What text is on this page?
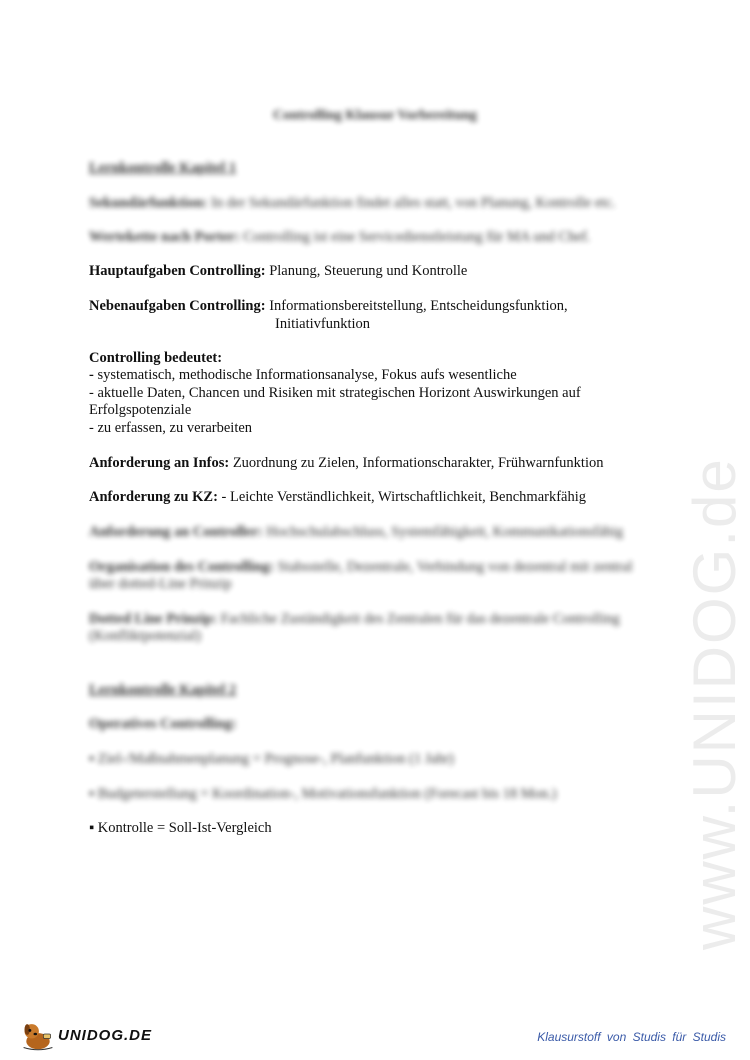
www.UNIDOG.de
Controlling Klausur Vorbereitung
Lernkontrolle Kapitel 1
Sekundärfunktion: In der Sekundärfunktion findet alles statt, von Planung, Kontrolle etc.
Wertekette nach Porter: Controlling ist eine Servicedienstleistung für MA und Chef.
Hauptaufgaben Controlling: Planung, Steuerung und Kontrolle
Nebenaufgaben Controlling: Informationsbereitstellung, Entscheidungsfunktion,
Initiativfunktion
Controlling bedeutet:
- systematisch, methodische Informationsanalyse, Fokus aufs wesentliche
- aktuelle Daten, Chancen und Risiken mit strategischen Horizont Auswirkungen auf
Erfolgspotenziale
- zu erfassen, zu verarbeiten
Anforderung an Infos: Zuordnung zu Zielen, Informationscharakter, Frühwarnfunktion
Anforderung zu KZ: - Leichte Verständlichkeit, Wirtschaftlichkeit, Benchmarkfähig
Anforderung an Controller: Hochschulabschluss, Systemfähigkeit, Kommunikationsfähig
Organisation des Controlling: Stabsstelle, Dezentrale, Verbindung von dezentral mit zentral
über dotted-Line Prinzip
Dotted Line Prinzip: Fachliche Zuständigkeit des Zentralen für das dezentrale Controlling
(Konfliktpotenzial)
Lernkontrolle Kapitel 2
Operatives Controlling:
▪ Ziel-/Maßnahmenplanung = Prognose-, Planfunktion (1 Jahr)
▪ Budgeterstellung = Koordination-, Motivationsfunktion (Forecast bis 18 Mon.)
▪ Kontrolle = Soll-Ist-Vergleich
UNIDOG.DE	Klausurstoff von Studis für Studis
